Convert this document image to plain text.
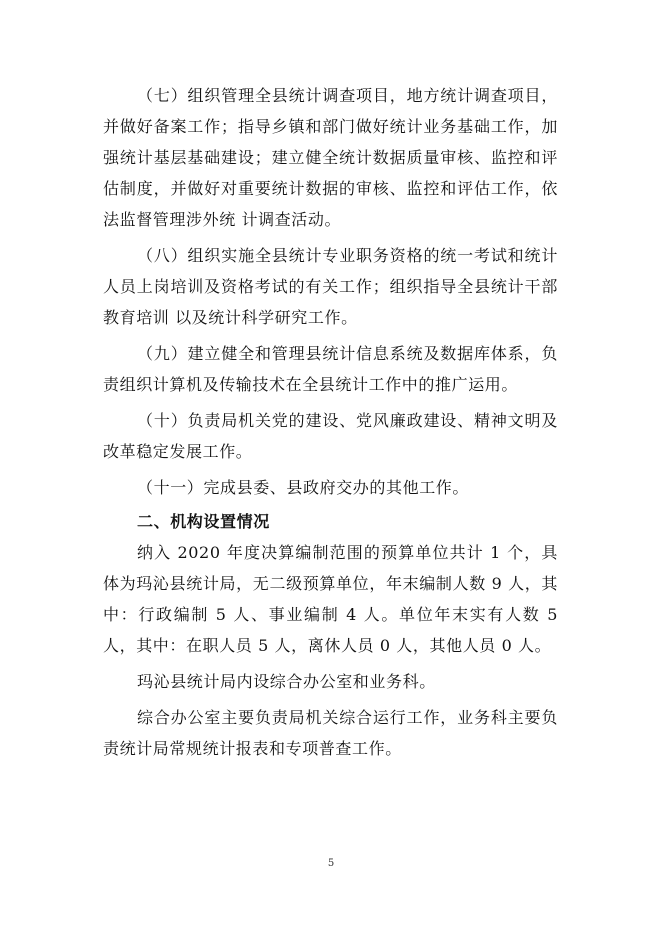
（七）组织管理全县统计调查项目，地方统计调查项目，并做好备案工作；指导乡镇和部门做好统计业务基础工作，加强统计基层基础建设；建立健全统计数据质量审核、监控和评估制度，并做好对重要统计数据的审核、监控和评估工作，依法监督管理涉外统 计调查活动。

（八）组织实施全县统计专业职务资格的统一考试和统计人员上岗培训及资格考试的有关工作；组织指导全县统计干部教育培训 以及统计科学研究工作。

（九）建立健全和管理县统计信息系统及数据库体系，负责组织计算机及传输技术在全县统计工作中的推广运用。

（十）负责局机关党的建设、党风廉政建设、精神文明及改革稳定发展工作。

（十一）完成县委、县政府交办的其他工作。

二、机构设置情况

纳入 2020 年度决算编制范围的预算单位共计 1 个，具体为玛沁县统计局，无二级预算单位，年末编制人数 9 人，其中：行政编制 5 人、事业编制 4 人。单位年末实有人数 5 人，其中：在职人员 5 人，离休人员 0 人，其他人员 0 人。

玛沁县统计局内设综合办公室和业务科。

综合办公室主要负责局机关综合运行工作，业务科主要负责统计局常规统计报表和专项普查工作。

5
